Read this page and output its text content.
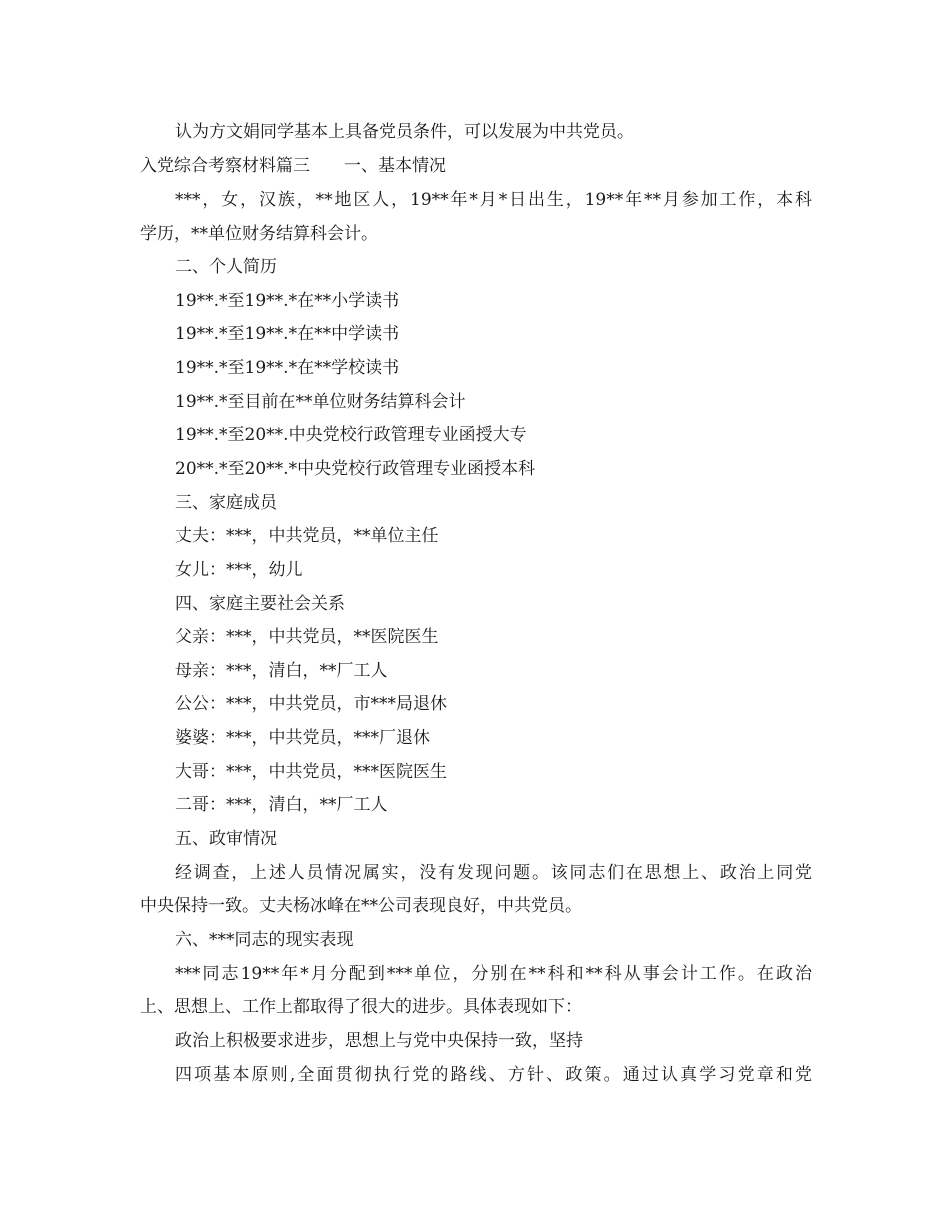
认为方文娟同学基本上具备党员条件，可以发展为中共党员。

入党综合考察材料篇三 一、基本情况

***，女，汉族，**地区人，19**年*月*日出生，19**年**月参加工作，本科

学历，**单位财务结算科会计。

二、个人简历

19**.*至19**.*在**小学读书

19**.*至19**.*在**中学读书

19**.*至19**.*在**学校读书

19**.*至目前在**单位财务结算科会计

19**.*至20**.中央党校行政管理专业函授大专

20**.*至20**.*中央党校行政管理专业函授本科

三、家庭成员

丈夫：***，中共党员，**单位主任

女儿：***，幼儿

四、家庭主要社会关系

父亲：***，中共党员，**医院医生

母亲：***，清白，**厂工人

公公：***，中共党员，市***局退休

婆婆：***，中共党员，***厂退休

大哥：***，中共党员，***医院医生

二哥：***，清白，**厂工人

五、政审情况

经调查，上述人员情况属实，没有发现问题。该同志们在思想上、政治上同党

中央保持一致。丈夫杨冰峰在**公司表现良好，中共党员。

六、***同志的现实表现

***同志19**年*月分配到***单位，分别在**科和**科从事会计工作。在政治

上、思想上、工作上都取得了很大的进步。具体表现如下：

政治上积极要求进步，思想上与党中央保持一致，坚持

四项基本原则,全面贯彻执行党的路线、方针、政策。通过认真学习党章和党
